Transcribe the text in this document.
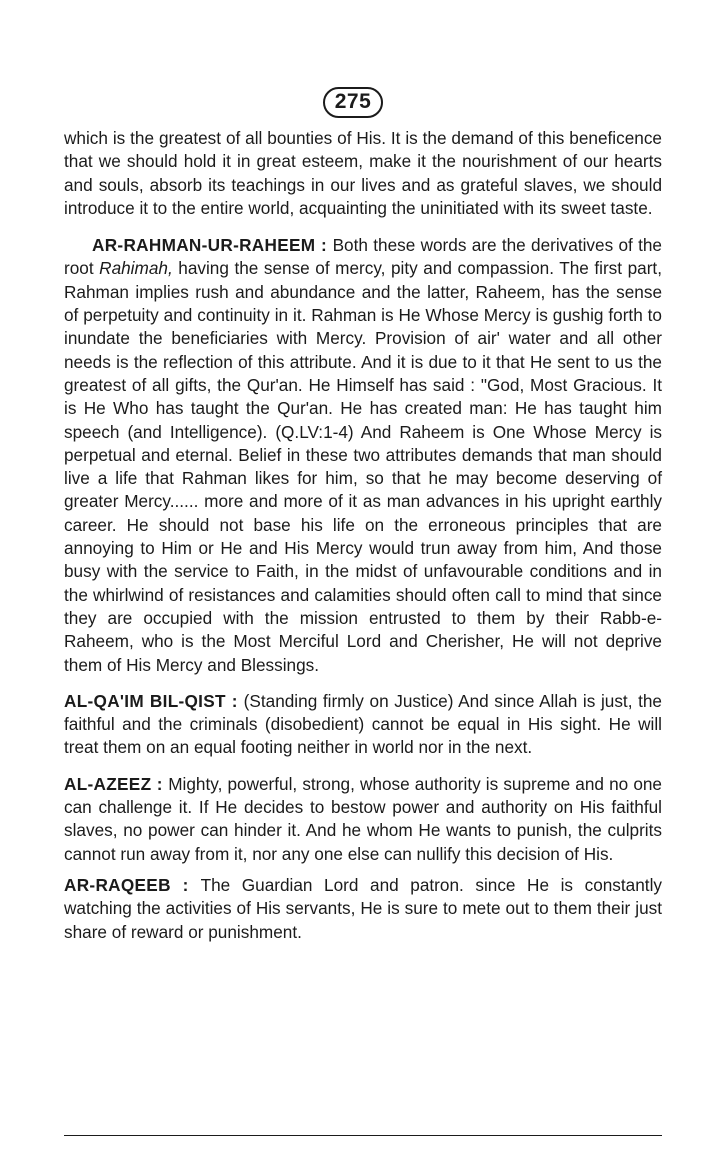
275

which is the greatest of all bounties of His. It is the demand of this beneficence that we should hold it in great esteem, make it the nourishment of our hearts and souls, absorb its teachings in our lives and as grateful slaves, we should introduce it to the entire world, acquainting the uninitiated with its sweet taste.

AR-RAHMAN-UR-RAHEEM : Both these words are the derivatives of the root Rahimah, having the sense of mercy, pity and compassion. The first part, Rahman implies rush and abundance and the latter, Raheem, has the sense of perpetuity and continuity in it. Rahman is He Whose Mercy is gushig forth to inundate the beneficiaries with Mercy. Provision of air' water and all other needs is the reflection of this attribute. And it is due to it that He sent to us the greatest of all gifts, the Qur'an. He Himself has said : "God, Most Gracious. It is He Who has taught the Qur'an. He has created man: He has taught him speech (and Intelligence). (Q.LV:1-4) And Raheem is One Whose Mercy is perpetual and eternal. Belief in these two attributes demands that man should live a life that Rahman likes for him, so that he may become deserving of greater Mercy...... more and more of it as man advances in his upright earthly career. He should not base his life on the erroneous principles that are annoying to Him or He and His Mercy would trun away from him, And those busy with the service to Faith, in the midst of unfavourable conditions and in the whirlwind of resistances and calamities should often call to mind that since they are occupied with the mission entrusted to them by their Rabb-e-Raheem, who is the Most Merciful Lord and Cherisher, He will not deprive them of His Mercy and Blessings.

AL-QA'IM BIL-QIST : (Standing firmly on Justice) And since Allah is just, the faithful and the criminals (disobedient) cannot be equal in His sight. He will treat them on an equal footing neither in world nor in the next.

AL-AZEEZ : Mighty, powerful, strong, whose authority is supreme and no one can challenge it. If He decides to bestow power and authority on His faithful slaves, no power can hinder it. And he whom He wants to punish, the culprits cannot run away from it, nor any one else can nullify this decision of His.

AR-RAQEEB : The Guardian Lord and patron. since He is constantly watching the activities of His servants, He is sure to mete out to them their just share of reward or punishment.
